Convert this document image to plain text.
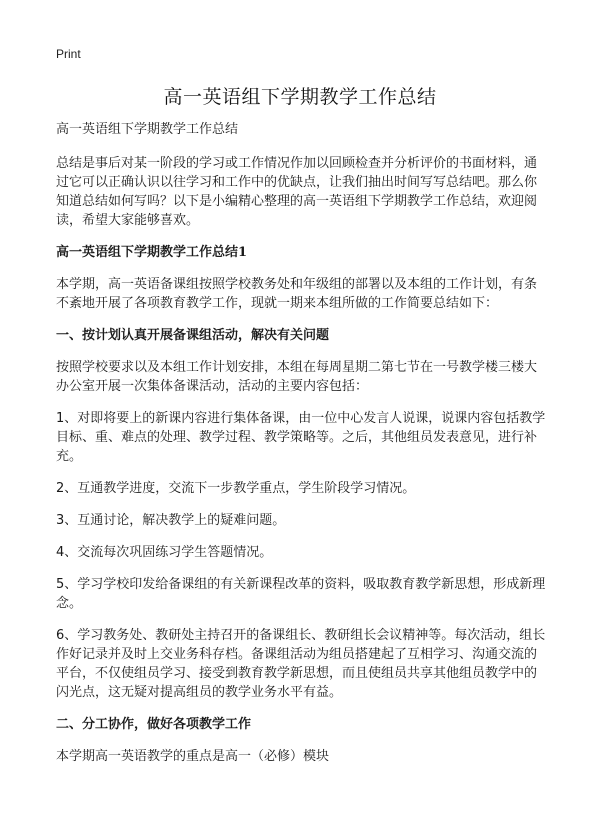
Print
高一英语组下学期教学工作总结

高一英语组下学期教学工作总结

总结是事后对某一阶段的学习或工作情况作加以回顾检查并分析评价的书面材料，通过它可以正确认识以往学习和工作中的优缺点，让我们抽出时间写写总结吧。那么你知道总结如何写吗？以下是小编精心整理的高一英语组下学期教学工作总结，欢迎阅读，希望大家能够喜欢。

高一英语组下学期教学工作总结1

本学期，高一英语备课组按照学校教务处和年级组的部署以及本组的工作计划，有条不紊地开展了各项教育教学工作，现就一期来本组所做的工作简要总结如下：

一、按计划认真开展备课组活动，解决有关问题

按照学校要求以及本组工作计划安排，本组在每周星期二第七节在一号教学楼三楼大办公室开展一次集体备课活动，活动的主要内容包括：

1、对即将要上的新课内容进行集体备课，由一位中心发言人说课，说课内容包括教学目标、重、难点的处理、教学过程、教学策略等。之后，其他组员发表意见，进行补充。

2、互通教学进度，交流下一步教学重点，学生阶段学习情况。

3、互通讨论，解决教学上的疑难问题。

4、交流每次巩固练习学生答题情况。

5、学习学校印发给备课组的有关新课程改革的资料，吸取教育教学新思想，形成新理念。

6、学习教务处、教研处主持召开的备课组长、教研组长会议精神等。每次活动，组长作好记录并及时上交业务科存档。备课组活动为组员搭建起了互相学习、沟通交流的平台，不仅使组员学习、接受到教育教学新思想，而且使组员共享其他组员教学中的闪光点，这无疑对提高组员的教学业务水平有益。

二、分工协作，做好各项教学工作

本学期高一英语教学的重点是高一（必修）模块
